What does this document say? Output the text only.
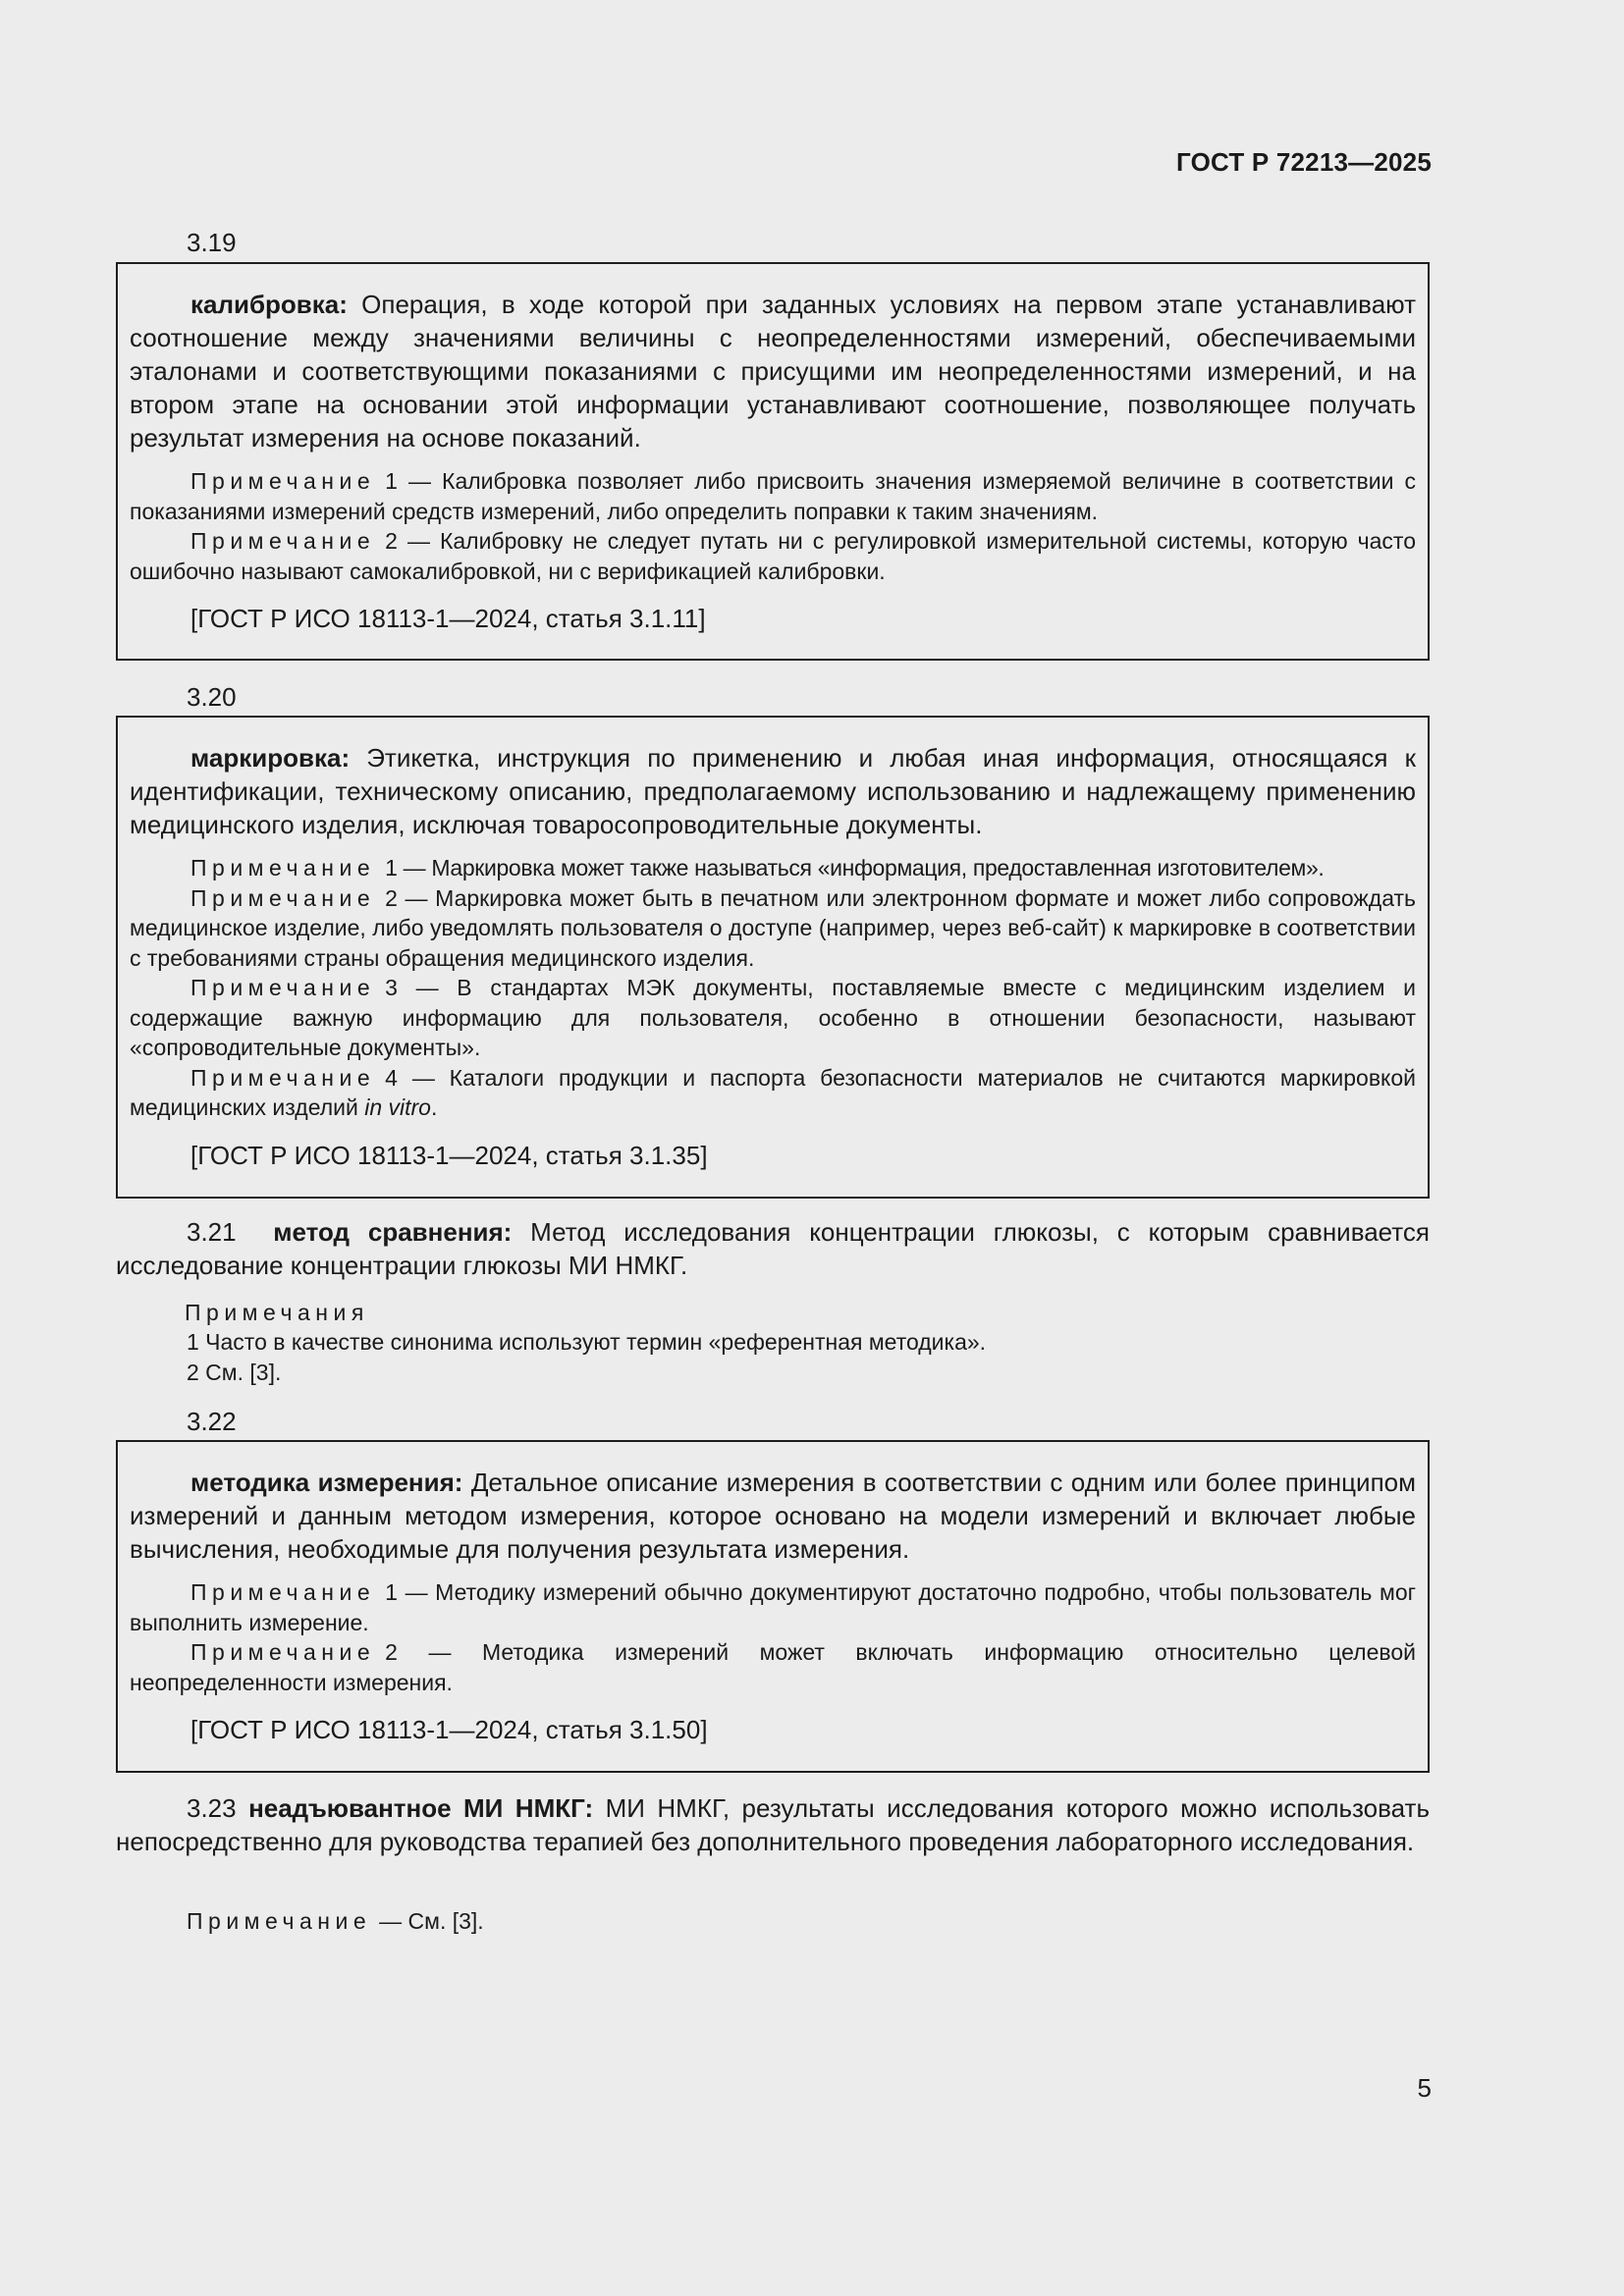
ГОСТ Р 72213—2025
3.19

калибровка: Операция, в ходе которой при заданных условиях на первом этапе устанавливают соотношение между значениями величины с неопределенностями измерений, обеспечиваемыми эталонами и соответствующими показаниями с присущими им неопределенностями измерений, и на втором этапе на основании этой информации устанавливают соотношение, позволяющее получать результат измерения на основе показаний.

Примечание 1 — Калибровка позволяет либо присвоить значения измеряемой величине в соответствии с показаниями измерений средств измерений, либо определить поправки к таким значениям.

Примечание 2 — Калибровку не следует путать ни с регулировкой измерительной системы, которую часто ошибочно называют самокалибровкой, ни с верификацией калибровки.

[ГОСТ Р ИСО 18113-1—2024, статья 3.1.11]

3.20

маркировка: Этикетка, инструкция по применению и любая иная информация, относящаяся к идентификации, техническому описанию, предполагаемому использованию и надлежащему применению медицинского изделия, исключая товаросопроводительные документы.

Примечание 1 — Маркировка может также называться «информация, предоставленная изготовителем».

Примечание 2 — Маркировка может быть в печатном или электронном формате и может либо сопровождать медицинское изделие, либо уведомлять пользователя о доступе (например, через веб-сайт) к маркировке в соответствии с требованиями страны обращения медицинского изделия.

Примечание 3 — В стандартах МЭК документы, поставляемые вместе с медицинским изделием и содержащие важную информацию для пользователя, особенно в отношении безопасности, называют «сопроводительные документы».

Примечание 4 — Каталоги продукции и паспорта безопасности материалов не считаются маркировкой медицинских изделий in vitro.

[ГОСТ Р ИСО 18113-1—2024, статья 3.1.35]

3.21 метод сравнения: Метод исследования концентрации глюкозы, с которым сравнивается исследование концентрации глюкозы МИ НМКГ.

Примечания
1 Часто в качестве синонима используют термин «референтная методика».
2 См. [3].
3.22

методика измерения: Детальное описание измерения в соответствии с одним или более принципом измерений и данным методом измерения, которое основано на модели измерений и включает любые вычисления, необходимые для получения результата измерения.

Примечание 1 — Методику измерений обычно документируют достаточно подробно, чтобы пользователь мог выполнить измерение.

Примечание 2 — Методика измерений может включать информацию относительно целевой неопределенности измерения.

[ГОСТ Р ИСО 18113-1—2024, статья 3.1.50]

3.23 неадъювантное МИ НМКГ: МИ НМКГ, результаты исследования которого можно использовать непосредственно для руководства терапией без дополнительного проведения лабораторного исследования.

Примечание — См. [3].
5
